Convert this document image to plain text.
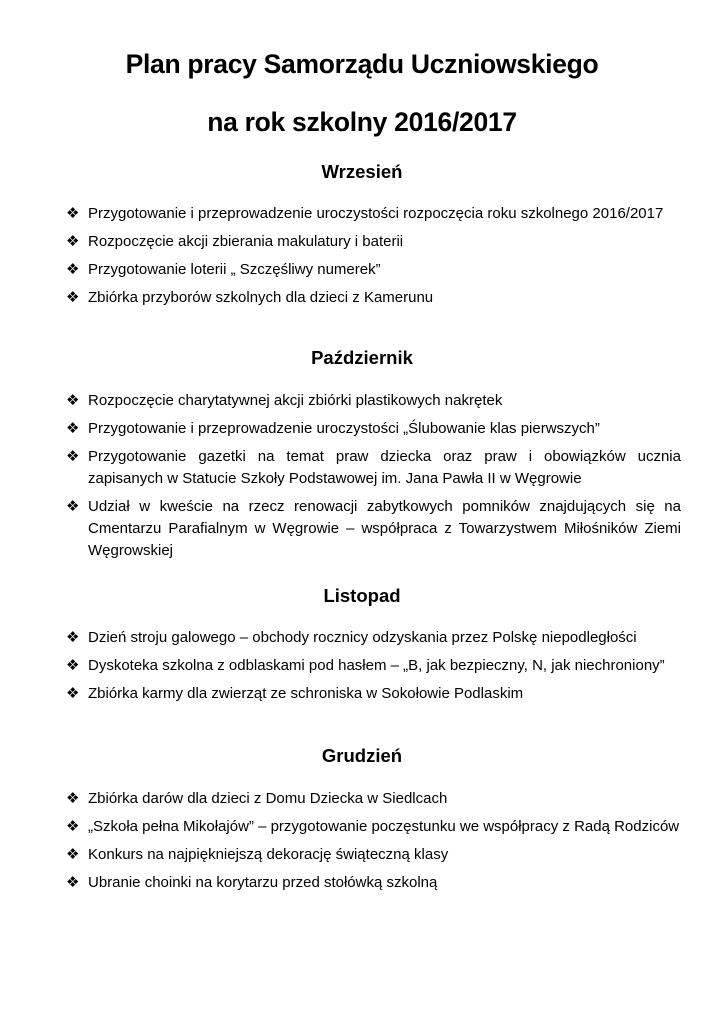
Plan pracy Samorządu Uczniowskiego
na rok szkolny 2016/2017
Wrzesień
❖ Przygotowanie i przeprowadzenie uroczystości rozpoczęcia roku szkolnego 2016/2017
❖ Rozpoczęcie akcji zbierania makulatury i baterii
❖ Przygotowanie loterii „ Szczęśliwy numerek”
❖ Zbiórka przyborów szkolnych dla dzieci z Kamerunu
Październik
❖ Rozpoczęcie charytatywnej akcji zbiórki plastikowych nakrętek
❖ Przygotowanie i przeprowadzenie uroczystości „Ślubowanie klas pierwszych”
❖ Przygotowanie gazetki na temat praw dziecka oraz praw i obowiązków ucznia zapisanych w Statucie Szkoły Podstawowej im. Jana Pawła II w Węgrowie
❖ Udział w kweście na rzecz renowacji zabytkowych pomników znajdujących się na Cmentarzu Parafialnym w Węgrowie – współpraca z Towarzystwem Miłośników Ziemi Węgrowskiej
Listopad
❖ Dzień stroju galowego – obchody rocznicy odzyskania przez Polskę niepodległości
❖ Dyskoteka szkolna z odblaskami pod hasłem – „B, jak bezpieczny, N, jak niechroniony”
❖ Zbiórka karmy dla zwierząt ze schroniska w Sokołowie Podlaskim
Grudzień
❖ Zbiórka darów dla dzieci z Domu Dziecka w Siedlcach
❖ „Szkoła pełna Mikołajów” – przygotowanie poczęstunku we współpracy z Radą Rodziców
❖ Konkurs na najpiękniejszą dekorację świąteczną klasy
❖ Ubranie choinki na korytarzu przed stołówką szkolną
